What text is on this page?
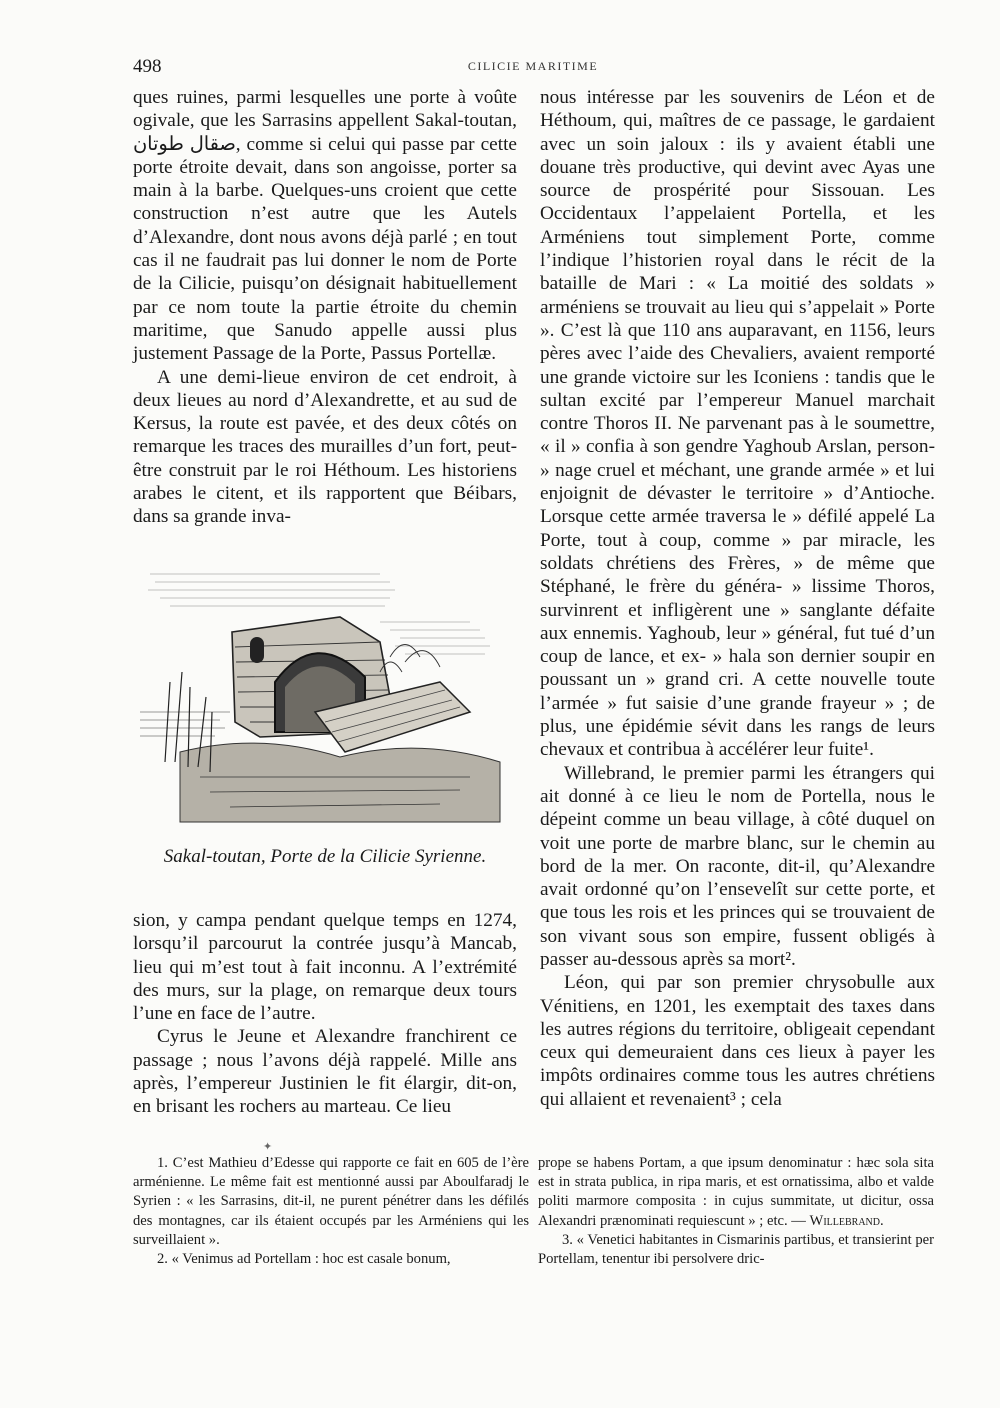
498	CILICIE MARITIME

ques ruines, parmi lesquelles une porte à voûte ogivale, que les Sarrasins appellent Sakal-toutan, صقال طوتان, comme si celui qui passe par cette porte étroite devait, dans son angoisse, porter sa main à la barbe. Quelques-uns croient que cette construction n’est autre que les Autels d’Alexandre, dont nous avons déjà parlé ; en tout cas il ne faudrait pas lui donner le nom de Porte de la Cilicie, puisqu’on désignait habituellement par ce nom toute la partie étroite du chemin maritime, que Sanudo appelle aussi plus justement Passage de la Porte, Passus Portellæ.

A une demi-lieue environ de cet endroit, à deux lieues au nord d’Alexandrette, et au sud de Kersus, la route est pavée, et des deux côtés on remarque les traces des murailles d’un fort, peut-être construit par le roi Héthoum. Les historiens arabes le citent, et ils rapportent que Béibars, dans sa grande inva-

Sakal-toutan, Porte de la Cilicie Syrienne.

sion, y campa pendant quelque temps en 1274, lorsqu’il parcourut la contrée jusqu’à Mancab, lieu qui m’est tout à fait inconnu. A l’extrémité des murs, sur la plage, on remarque deux tours l’une en face de l’autre.

Cyrus le Jeune et Alexandre franchirent ce passage ; nous l’avons déjà rappelé. Mille ans après, l’empereur Justinien le fit élargir, dit-on, en brisant les rochers au marteau. Ce lieu

nous intéresse par les souvenirs de Léon et de Héthoum, qui, maîtres de ce passage, le gardaient avec un soin jaloux : ils y avaient établi une douane très productive, qui devint avec Ayas une source de prospérité pour Sissouan. Les Occidentaux l’appelaient Portella, et les Arméniens tout simplement Porte, comme l’indique l’historien royal dans le récit de la bataille de Mari : « La moitié des soldats » arméniens se trouvait au lieu qui s’appelait » Porte ». C’est là que 110 ans auparavant, en 1156, leurs pères avec l’aide des Chevaliers, avaient remporté une grande victoire sur les Iconiens : tandis que le sultan excité par l’empereur Manuel marchait contre Thoros II. Ne parvenant pas à le soumettre, « il » confia à son gendre Yaghoub Arslan, person- » nage cruel et méchant, une grande armée » et lui enjoignit de dévaster le territoire » d’Antioche. Lorsque cette armée traversa le » défilé appelé La Porte, tout à coup, comme » par miracle, les soldats chrétiens des Frères, » de même que Stéphané, le frère du généra- » lissime Thoros, survinrent et infligèrent une » sanglante défaite aux ennemis. Yaghoub, leur » général, fut tué d’un coup de lance, et ex- » hala son dernier soupir en poussant un » grand cri. A cette nouvelle toute l’armée » fut saisie d’une grande frayeur » ; de plus, une épidémie sévit dans les rangs de leurs chevaux et contribua à accélérer leur fuite¹.

Willebrand, le premier parmi les étrangers qui ait donné à ce lieu le nom de Portella, nous le dépeint comme un beau village, à côté duquel on voit une porte de marbre blanc, sur le chemin au bord de la mer. On raconte, dit-il, qu’Alexandre avait ordonné qu’on l’ensevelît sur cette porte, et que tous les rois et les princes qui se trouvaient de son vivant sous son empire, fussent obligés à passer au-dessous après sa mort².

Léon, qui par son premier chrysobulle aux Vénitiens, en 1201, les exemptait des taxes dans les autres régions du territoire, obligeait cependant ceux qui demeuraient dans ces lieux à payer les impôts ordinaires comme tous les autres chrétiens qui allaient et revenaient³ ; cela

✦

1. C’est Mathieu d’Edesse qui rapporte ce fait en 605 de l’ère arménienne. Le même fait est mentionné aussi par Aboulfaradj le Syrien : « les Sarrasins, dit-il, ne purent pénétrer dans les défilés des montagnes, car ils étaient occupés par les Arméniens qui les surveillaient ».

2. « Venimus ad Portellam : hoc est casale bonum,

prope se habens Portam, a que ipsum denominatur : hæc sola sita est in strata publica, in ripa maris, et est ornatissima, albo et valde politi marmore composita : in cujus summitate, ut dicitur, ossa Alexandri prænominati requiescunt » ; etc. — Willebrand.

3. « Venetici habitantes in Cismarinis partibus, et transierint per Portellam, tenentur ibi persolvere dric-
